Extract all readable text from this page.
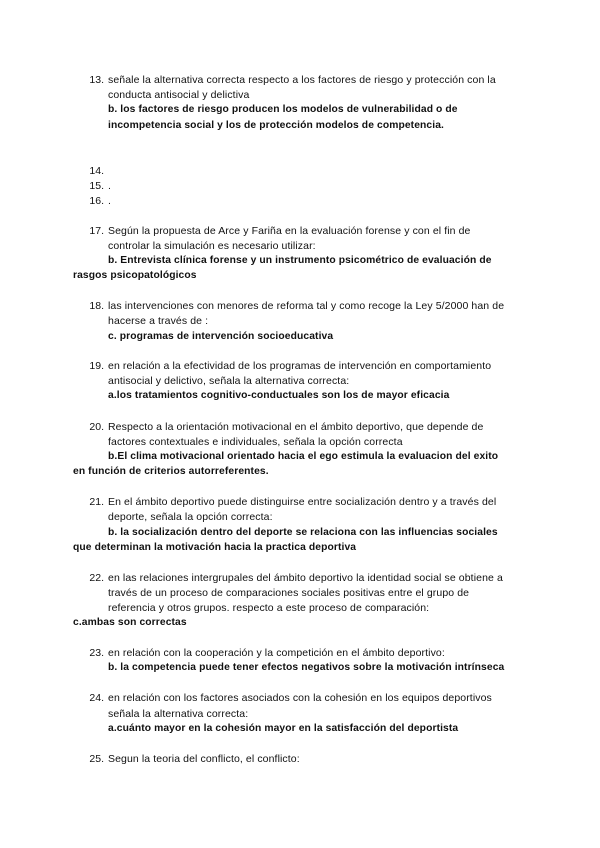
13. señale la alternativa correcta respecto a los factores de riesgo y protección con la
conducta antisocial y delictiva
b. los factores de riesgo producen los modelos de vulnerabilidad o de
incompetencia social y los de protección modelos de competencia.
14.
15. .
16. .
17. Según la propuesta de Arce y Fariña en la evaluación forense y con el fin de
controlar la simulación es necesario utilizar:
b. Entrevista clínica forense y un instrumento psicométrico de evaluación de
rasgos psicopatológicos
18. las intervenciones con menores de reforma tal y como recoge la Ley 5/2000 han de
hacerse a través de :
c. programas de intervención socioeducativa
19. en relación a la efectividad de los programas de intervención en comportamiento
antisocial y delictivo, señala la alternativa correcta:
a.los tratamientos cognitivo-conductuales son los de mayor eficacia
20. Respecto a la orientación motivacional en el ámbito deportivo, que depende de
factores contextuales e individuales, señala la opción correcta
b.El clima motivacional orientado hacia el ego estimula la evaluacion del exito
en función de criterios autorreferentes.
21. En el ámbito deportivo puede distinguirse entre socialización dentro y a través del
deporte, señala la opción correcta:
b. la socialización dentro del deporte se relaciona con las influencias sociales
que determinan la motivación hacia la practica deportiva
22. en las relaciones intergrupales del ámbito deportivo la identidad social se obtiene a
través de un proceso de comparaciones sociales positivas entre el grupo de
referencia y otros grupos. respecto a este proceso de comparación:
c.ambas son correctas
23. en relación con la cooperación y la competición en el ámbito deportivo:
b. la competencia puede tener efectos negativos sobre la motivación intrínseca
24. en relación con los factores asociados con la cohesión en los equipos deportivos
señala la alternativa correcta:
a.cuánto mayor en la cohesión mayor en la satisfacción del deportista
25. Segun la teoria del conflicto, el conflicto:
